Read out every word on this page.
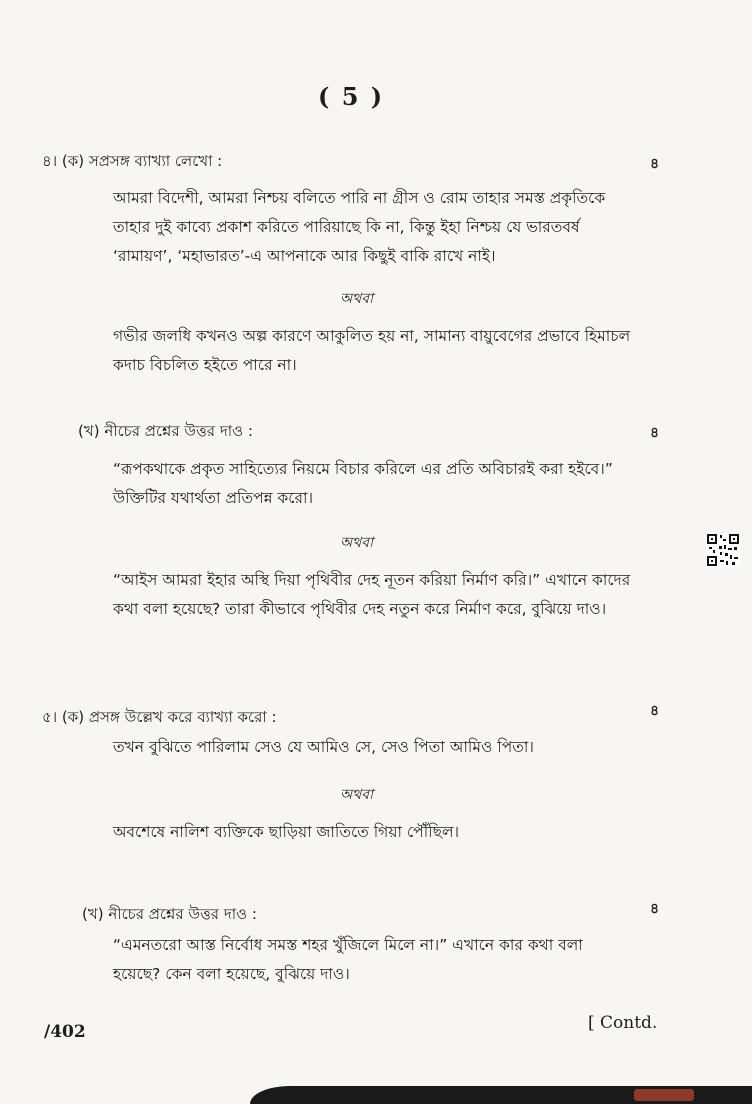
( 5 )
৪। (ক) সপ্রসঙ্গ ব্যাখ্যা লেখো :	৪
আমরা বিদেশী, আমরা নিশ্চয় বলিতে পারি না গ্রীস ও রোম তাহার সমস্ত প্রকৃতিকে তাহার দুই কাব্যে প্রকাশ করিতে পারিয়াছে কি না, কিন্তু ইহা নিশ্চয় যে ভারতবর্ষ ‘রামায়ণ’, ‘মহাভারত’-এ আপনাকে আর কিছুই বাকি রাখে নাই।
অথবা
গভীর জলধি কখনও অল্প কারণে আকুলিত হয় না, সামান্য বায়ুবেগের প্রভাবে হিমাচল কদাচ বিচলিত হইতে পারে না।
(খ) নীচের প্রশ্নের উত্তর দাও :	৪
“রূপকথাকে প্রকৃত সাহিত্যের নিয়মে বিচার করিলে এর প্রতি অবিচারই করা হইবে।” উক্তিটির যথার্থতা প্রতিপন্ন করো।
অথবা
“আইস আমরা ইহার অস্থি দিয়া পৃথিবীর দেহ নূতন করিয়া নির্মাণ করি।” এখানে কাদের কথা বলা হয়েছে? তারা কীভাবে পৃথিবীর দেহ নতুন করে নির্মাণ করে, বুঝিয়ে দাও।
৫। (ক) প্রসঙ্গ উল্লেখ করে ব্যাখ্যা করো :	৪
তখন বুঝিতে পারিলাম সেও যে আমিও সে, সেও পিতা আমিও পিতা।
অথবা
অবশেষে নালিশ ব্যক্তিকে ছাড়িয়া জাতিতে গিয়া পৌঁছিল।
(খ) নীচের প্রশ্নের উত্তর দাও :	৪
“এমনতরো আস্ত নির্বোধ সমস্ত শহর খুঁজিলে মিলে না।” এখানে কার কথা বলা হয়েছে? কেন বলা হয়েছে, বুঝিয়ে দাও।
/402	[ Contd.
